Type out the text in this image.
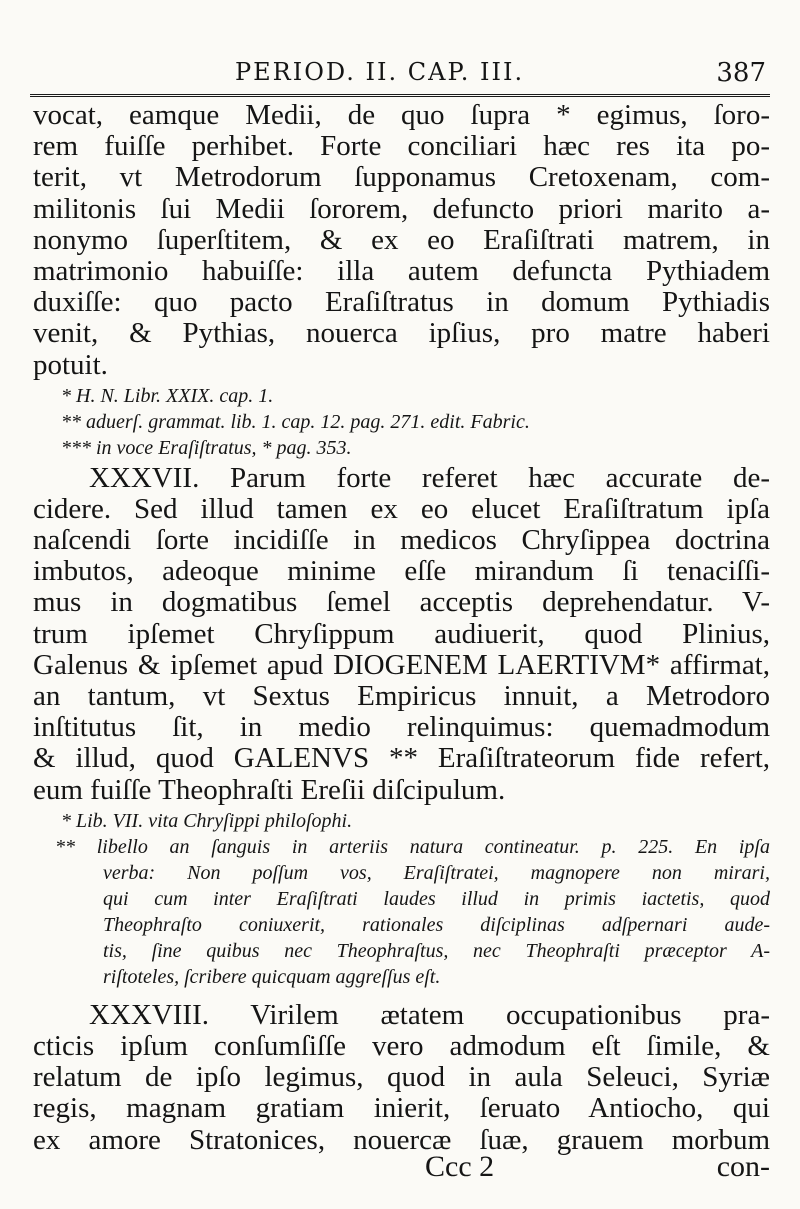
PERIOD. II. CAP. III.	387
vocat, eamque Medii, de quo ſupra * egimus, ſoro-
rem fuiſſe perhibet. Forte conciliari hæc res ita po-
terit, vt Metrodorum ſupponamus Cretoxenam, com-
militonis ſui Medii ſororem, defuncto priori marito a-
nonymo ſuperſtitem, & ex eo Eraſiſtrati matrem, in
matrimonio habuiſſe: illa autem defuncta Pythiadem
duxiſſe: quo pacto Eraſiſtratus in domum Pythiadis
venit, & Pythias, nouerca ipſius, pro matre haberi
potuit.
* H. N. Libr. XXIX. cap. 1.
** aduerſ. grammat. lib. 1. cap. 12. pag. 271. edit. Fabric.
*** in voce Eraſiſtratus, * pag. 353.
XXXVII. Parum forte referet hæc accurate de-
cidere. Sed illud tamen ex eo elucet Eraſiſtratum ipſa
naſcendi ſorte incidiſſe in medicos Chryſippea doctrina
imbutos, adeoque minime eſſe mirandum ſi tenaciſſi-
mus in dogmatibus ſemel acceptis deprehendatur. V-
trum ipſemet Chryſippum audiuerit, quod Plinius,
Galenus & ipſemet apud DIOGENEM LAERTIVM* affirmat,
an tantum, vt Sextus Empiricus innuit, a Metrodoro
inſtitutus ſit, in medio relinquimus: quemadmodum
& illud, quod GALENVS ** Eraſiſtrateorum fide refert,
eum fuiſſe Theophraſti Ereſii diſcipulum.
* Lib. VII. vita Chryſippi philoſophi.
** libello an ſanguis in arteriis natura contineatur. p. 225. En ipſa
verba: Non poſſum vos, Eraſiſtratei, magnopere non mirari,
qui cum inter Eraſiſtrati laudes illud in primis iactetis, quod
Theophraſto coniuxerit, rationales diſciplinas adſpernari aude-
tis, ſine quibus nec Theophraſtus, nec Theophraſti præceptor A-
riſtoteles, ſcribere quicquam aggreſſus eſt.
XXXVIII. Virilem ætatem occupationibus pra-
cticis ipſum conſumſiſſe vero admodum eſt ſimile, &
relatum de ipſo legimus, quod in aula Seleuci, Syriæ
regis, magnam gratiam inierit, ſeruato Antiocho, qui
ex amore Stratonices, nouercæ ſuæ, grauem morbum
Ccc 2	con-
